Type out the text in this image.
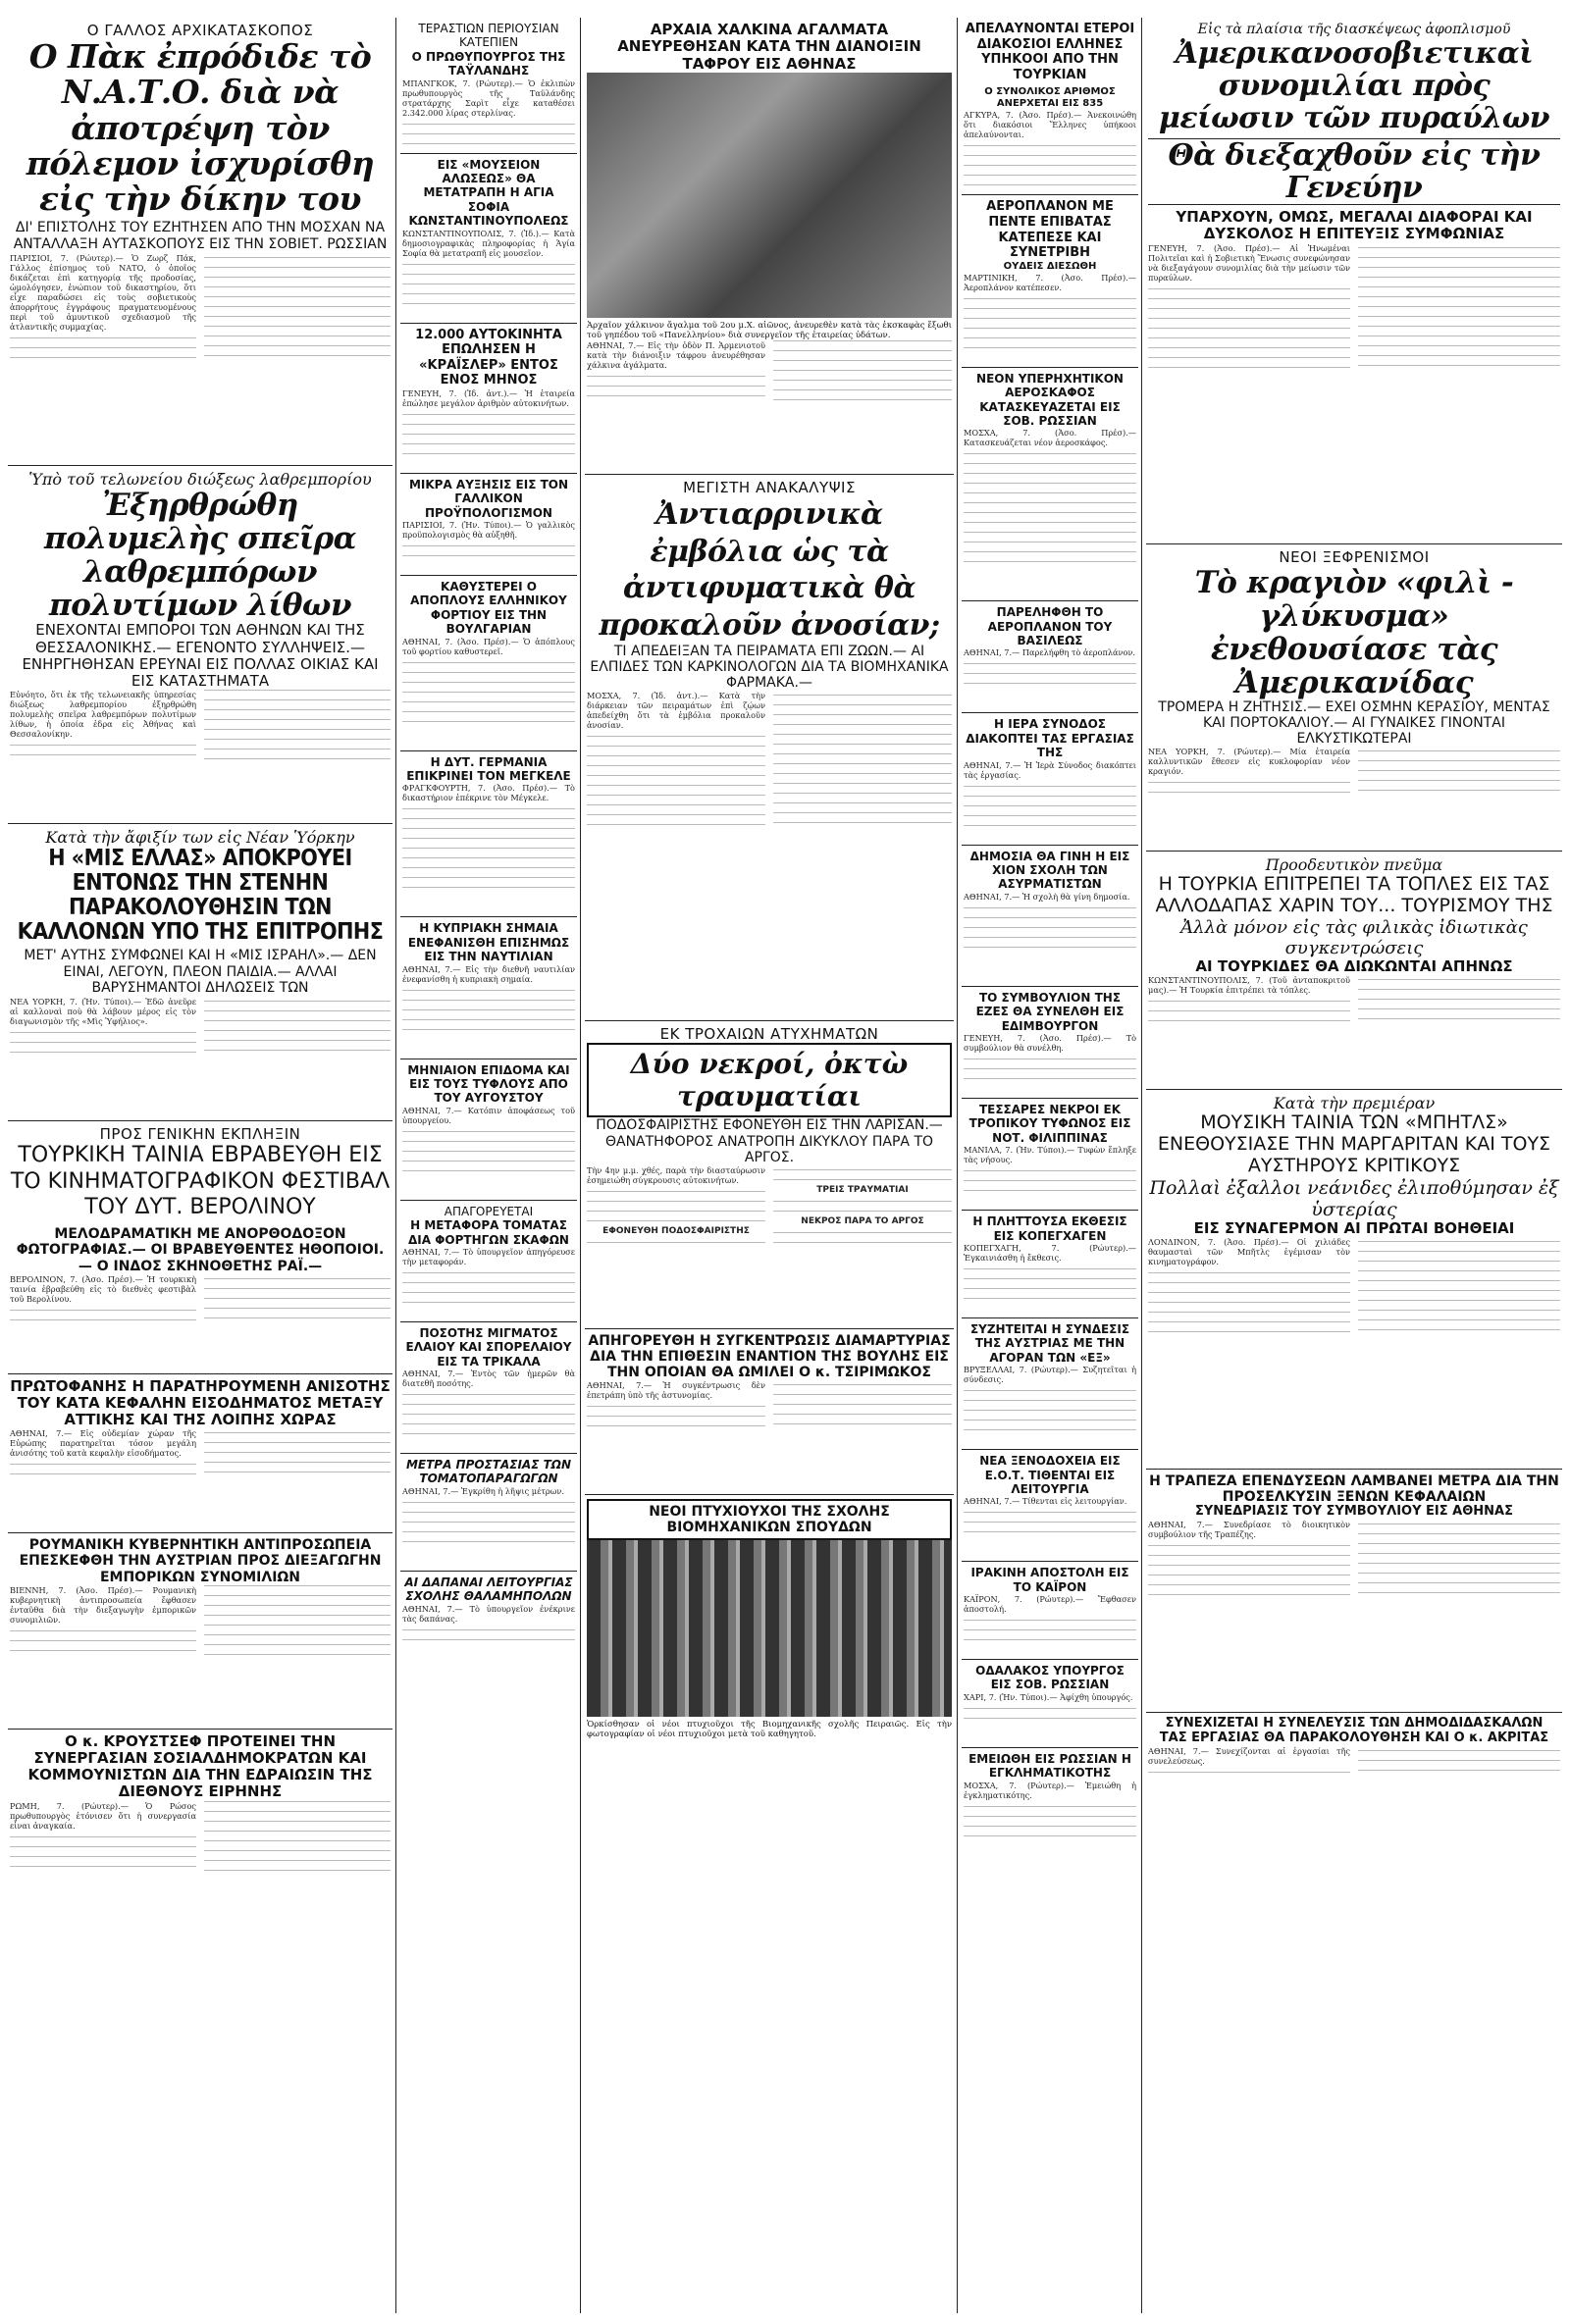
Ο ΓΑΛΛΟΣ ΑΡΧΙΚΑΤΑΣΚΟΠΟΣ
Ο Πὰκ ἐπρόδιδε τὸ Ν.Α.Τ.Ο. διὰ νὰ ἀποτρέψη τὸν πόλεμον ἰσχυρίσθη εἰς τὴν δίκην του
ΔΙ' ΕΠΙΣΤΟΛΗΣ ΤΟΥ ΕΖΗΤΗΣΕΝ ΑΠΟ ΤΗΝ ΜΟΣΧΑΝ ΝΑ ΑΝΤΑΛΛΑΞΗ ΑΥΤΑΣΚΟΠΟΥΣ ΕΙΣ ΤΗΝ ΣΟΒΙΕΤ. ΡΩΣΣΙΑΝ

ΠΑΡΙΣΙΟΙ, 7. (Ρώυτερ).— Ὁ Ζωρζ Πάκ, Γάλλος ἐπίσημος τοῦ ΝΑΤΟ, ὁ ὁποῖος δικάζεται ἐπὶ κατηγορίᾳ τῆς προδοσίας, ὡμολόγησεν, ἐνώπιον τοῦ δικαστηρίου, ὅτι εἶχε παραδώσει εἰς τοὺς σοβιετικοὺς ἀπορρήτους ἐγγράφους πραγματευομένους περὶ τοῦ ἀμυντικοῦ σχεδιασμοῦ τῆς ἀτλαντικῆς συμμαχίας.

Ὑπὸ τοῦ τελωνείου διώξεως λαθρεμπορίου
Ἐξηρθρώθη πολυμελὴς σπεῖρα λαθρεμπόρων πολυτίμων λίθων
ΕΝΕΧΟΝΤΑΙ ΕΜΠΟΡΟΙ ΤΩΝ ΑΘΗΝΩΝ ΚΑΙ ΤΗΣ ΘΕΣΣΑΛΟΝΙΚΗΣ.— ΕΓΕΝΟΝΤΟ ΣΥΛΛΗΨΕΙΣ.— ΕΝΗΡΓΗΘΗΣΑΝ ΕΡΕΥΝΑΙ ΕΙΣ ΠΟΛΛΑΣ ΟΙΚΙΑΣ ΚΑΙ ΕΙΣ ΚΑΤΑΣΤΗΜΑΤΑ

Εὐνόητο, ὅτι ἐκ τῆς τελωνειακῆς ὑπηρεσίας διώξεως λαθρεμπορίου ἐξηρθρώθη πολυμελὴς σπεῖρα λαθρεμπόρων πολυτίμων λίθων, ἡ ὁποία ἐδρα εἰς Ἀθήνας καὶ Θεσσαλονίκην.

Κατὰ τὴν ἄφιξίν των εἰς Νέαν Ὑόρκην
Η «ΜΙΣ ΕΛΛΑΣ» ΑΠΟΚΡΟΥΕΙ ΕΝΤΟΝΩΣ ΤΗΝ ΣΤΕΝΗΝ ΠΑΡΑΚΟΛΟΥΘΗΣΙΝ ΤΩΝ ΚΑΛΛΟΝΩΝ ΥΠΟ ΤΗΣ ΕΠΙΤΡΟΠΗΣ
ΜΕΤ' ΑΥΤΗΣ ΣΥΜΦΩΝΕΙ ΚΑΙ Η «ΜΙΣ ΙΣΡΑΗΛ».— ΔΕΝ ΕΙΝΑΙ, ΛΕΓΟΥΝ, ΠΛΕΟΝ ΠΑΙΔΙΑ.— ΑΛΛΑΙ ΒΑΡΥΣΗΜΑΝΤΟΙ ΔΗΛΩΣΕΙΣ ΤΩΝ

ΝΕΑ ΥΟΡΚΗ, 7. (Ἡν. Τύποι).— Ἐδῶ ἀνεῦρε αἱ καλλοναὶ ποὺ θὰ λάβουν μέρος εἰς τὸν διαγωνισμὸν τῆς «Μὶς Ὑφήλιος».

ΠΡΟΣ ΓΕΝΙΚΗΝ ΕΚΠΛΗΞΙΝ
ΤΟΥΡΚΙΚΗ ΤΑΙΝΙΑ ΕΒΡΑΒΕΥΘΗ ΕΙΣ ΤΟ ΚΙΝΗΜΑΤΟΓΡΑΦΙΚΟΝ ΦΕΣΤΙΒΑΛ ΤΟΥ ΔΥΤ. ΒΕΡΟΛΙΝΟΥ
ΜΕΛΟΔΡΑΜΑΤΙΚΗ ΜΕ ΑΝΟΡΘΟΔΟΞΟΝ ΦΩΤΟΓΡΑΦΙΑΣ.— ΟΙ ΒΡΑΒΕΥΘΕΝΤΕΣ ΗΘΟΠΟΙΟΙ.— Ο ΙΝΔΟΣ ΣΚΗΝΟΘΕΤΗΣ ΡΑΪ.—

ΒΕΡΟΛΙΝΟΝ, 7. (Ἀσο. Πρέσ).— Ἡ τουρκικὴ ταινία ἐβραβεύθη εἰς τὸ διεθνὲς φεστιβὰλ τοῦ Βερολίνου.

ΠΡΩΤΟΦΑΝΗΣ Η ΠΑΡΑΤΗΡΟΥΜΕΝΗ ΑΝΙΣΟΤΗΣ ΤΟΥ ΚΑΤΑ ΚΕΦΑΛΗΝ ΕΙΣΟΔΗΜΑΤΟΣ ΜΕΤΑΞΥ ΑΤΤΙΚΗΣ ΚΑΙ ΤΗΣ ΛΟΙΠΗΣ ΧΩΡΑΣ

ΑΘΗΝΑΙ, 7.— Εἰς οὐδεμίαν χώραν τῆς Εὐρώπης παρατηρεῖται τόσον μεγάλη ἀνισότης τοῦ κατὰ κεφαλὴν εἰσοδήματος.

ΡΟΥΜΑΝΙΚΗ ΚΥΒΕΡΝΗΤΙΚΗ ΑΝΤΙΠΡΟΣΩΠΕΙΑ ΕΠΕΣΚΕΦΘΗ ΤΗΝ ΑΥΣΤΡΙΑΝ ΠΡΟΣ ΔΙΕΞΑΓΩΓΗΝ ΕΜΠΟΡΙΚΩΝ ΣΥΝΟΜΙΛΙΩΝ

ΒΙΕΝΝΗ, 7. (Ἀσο. Πρέσ).— Ρουμανικὴ κυβερνητικὴ ἀντιπροσωπεία ἔφθασεν ἐνταῦθα διὰ τὴν διεξαγωγὴν ἐμπορικῶν συνομιλιῶν.

Ο κ. ΚΡΟΥΣΤΣΕΦ ΠΡΟΤΕΙΝΕΙ ΤΗΝ ΣΥΝΕΡΓΑΣΙΑΝ ΣΟΣΙΑΛΔΗΜΟΚΡΑΤΩΝ ΚΑΙ ΚΟΜΜΟΥΝΙΣΤΩΝ ΔΙΑ ΤΗΝ ΕΔΡΑΙΩΣΙΝ ΤΗΣ ΔΙΕΘΝΟΥΣ ΕΙΡΗΝΗΣ

ΡΩΜΗ, 7. (Ρώυτερ).— Ὁ Ρώσος πρωθυπουργὸς ἐτόνισεν ὅτι ἡ συνεργασία εἶναι ἀναγκαία.

ΤΕΡΑΣΤΙΩΝ ΠΕΡΙΟΥΣΙΑΝ ΚΑΤΕΠΙΕΝ
Ο ΠΡΩΘΥΠΟΥΡΓΟΣ ΤΗΣ ΤΑΫΛΑΝΔΗΣ

ΜΠΑΝΓΚΟΚ, 7. (Ρώυτερ).— Ὁ ἐκλιπὼν πρωθυπουργὸς τῆς Ταϋλάνδης στρατάρχης Σαρὶτ εἶχε καταθέσει 2.342.000 λίρας στερλίνας.

ΕΙΣ «ΜΟΥΣΕΙΟΝ ΑΛΩΣΕΩΣ» ΘΑ ΜΕΤΑΤΡΑΠΗ Η ΑΓΙΑ ΣΟΦΙΑ ΚΩΝΣΤΑΝΤΙΝΟΥΠΟΛΕΩΣ

ΚΩΝΣΤΑΝΤΙΝΟΥΠΟΛΙΣ, 7. (Ἰδ.).— Κατὰ δημοσιογραφικὰς πληροφορίας ἡ Ἁγία Σοφία θὰ μετατραπῆ εἰς μουσεῖον.

12.000 ΑΥΤΟΚΙΝΗΤΑ ΕΠΩΛΗΣΕΝ Η «ΚΡΑΪΣΛΕΡ» ΕΝΤΟΣ ΕΝΟΣ ΜΗΝΟΣ

ΓΕΝΕΥΗ, 7. (Ἰδ. ἀντ.).— Ἡ ἑταιρεία ἐπώλησε μεγάλον ἀριθμὸν αὐτοκινήτων.

ΜΙΚΡΑ ΑΥΞΗΣΙΣ ΕΙΣ ΤΟΝ ΓΑΛΛΙΚΟΝ ΠΡΟΫΠΟΛΟΓΙΣΜΟΝ

ΠΑΡΙΣΙΟΙ, 7. (Ἡν. Τύποι).— Ὁ γαλλικὸς προϋπολογισμὸς θὰ αὐξηθῆ.

ΚΑΘΥΣΤΕΡΕΙ Ο ΑΠΟΠΛΟΥΣ ΕΛΛΗΝΙΚΟΥ ΦΟΡΤΙΟΥ ΕΙΣ ΤΗΝ ΒΟΥΛΓΑΡΙΑΝ

ΑΘΗΝΑΙ, 7. (Ἀσο. Πρέσ).— Ὁ ἀπόπλους τοῦ φορτίου καθυστερεῖ.

Η ΔΥΤ. ΓΕΡΜΑΝΙΑ ΕΠΙΚΡΙΝΕΙ ΤΟΝ ΜΕΓΚΕΛΕ

ΦΡΑΓΚΦΟΥΡΤΗ, 7. (Ἀσο. Πρέσ).— Τὸ δικαστήριον ἐπέκρινε τὸν Μέγκελε.

Η ΚΥΠΡΙΑΚΗ ΣΗΜΑΙΑ ΕΝΕΦΑΝΙΣΘΗ ΕΠΙΣΗΜΩΣ ΕΙΣ ΤΗΝ ΝΑΥΤΙΛΙΑΝ

ΑΘΗΝΑΙ, 7.— Εἰς τὴν διεθνῆ ναυτιλίαν ἐνεφανίσθη ἡ κυπριακὴ σημαία.

ΜΗΝΙΑΙΟΝ ΕΠΙΔΟΜΑ ΚΑΙ ΕΙΣ ΤΟΥΣ ΤΥΦΛΟΥΣ ΑΠΟ ΤΟΥ ΑΥΓΟΥΣΤΟΥ

ΑΘΗΝΑΙ, 7.— Κατόπιν ἀποφάσεως τοῦ ὑπουργείου.

ΑΠΑΓΟΡΕΥΕΤΑΙ
Η ΜΕΤΑΦΟΡΑ ΤΟΜΑΤΑΣ ΔΙΑ ΦΟΡΤΗΓΩΝ ΣΚΑΦΩΝ

ΑΘΗΝΑΙ, 7.— Τὸ ὑπουργεῖον ἀπηγόρευσε τὴν μεταφοράν.

ΠΟΣΟΤΗΣ ΜΙΓΜΑΤΟΣ ΕΛΑΙΟΥ ΚΑΙ ΣΠΟΡΕΛΑΙΟΥ ΕΙΣ ΤΑ ΤΡΙΚΑΛΑ

ΑΘΗΝΑΙ, 7.— Ἐντὸς τῶν ἡμερῶν θὰ διατεθῆ ποσότης.

ΜΕΤΡΑ ΠΡΟΣΤΑΣΙΑΣ ΤΩΝ ΤΟΜΑΤΟΠΑΡΑΓΩΓΩΝ

ΑΘΗΝΑΙ, 7.— Ἐγκρίθη ἡ λῆψις μέτρων.

ΑΙ ΔΑΠΑΝΑΙ ΛΕΙΤΟΥΡΓΙΑΣ ΣΧΟΛΗΣ ΘΑΛΑΜΗΠΟΛΩΝ

ΑΘΗΝΑΙ, 7.— Τὸ ὑπουργεῖον ἐνέκρινε τὰς δαπάνας.

ΑΡΧΑΙΑ ΧΑΛΚΙΝΑ ΑΓΑΛΜΑΤΑ ΑΝΕΥΡΕΘΗΣΑΝ ΚΑΤΑ ΤΗΝ ΔΙΑΝΟΙΞΙΝ ΤΑΦΡΟΥ ΕΙΣ ΑΘΗΝΑΣ
Ἀρχαῖον χάλκινον ἄγαλμα τοῦ 2ου μ.Χ. αἰῶνος, ἀνευρεθὲν κατὰ τὰς ἐκσκαφὰς ἔξωθι τοῦ γηπέδου τοῦ «Πανελληνίου» διὰ συνεργεῖον τῆς ἑταιρείας ὑδάτων.

ΑΘΗΝΑΙ, 7.— Εἰς τὴν ὁδὸν Π. Ἀρμενιοτοῦ κατὰ τὴν διάνοιξιν τάφρου ἀνευρέθησαν χάλκινα ἀγάλματα.

ΜΕΓΙΣΤΗ ΑΝΑΚΑΛΥΨΙΣ
Ἀντιαρρινικὰ ἐμβόλια ὡς τὰ ἀντιφυματικὰ θὰ προκαλοῦν ἀνοσίαν;
ΤΙ ΑΠΕΔΕΙΞΑΝ ΤΑ ΠΕΙΡΑΜΑΤΑ ΕΠΙ ΖΩΩΝ.— ΑΙ ΕΛΠΙΔΕΣ ΤΩΝ ΚΑΡΚΙΝΟΛΟΓΩΝ ΔΙΑ ΤΑ ΒΙΟΜΗΧΑΝΙΚΑ ΦΑΡΜΑΚΑ.—

ΜΟΣΧΑ, 7. (Ἰδ. ἀντ.).— Κατὰ τὴν διάρκειαν τῶν πειραμάτων ἐπὶ ζῴων ἀπεδείχθη ὅτι τὰ ἐμβόλια προκαλοῦν ἀνοσίαν.

ΕΚ ΤΡΟΧΑΙΩΝ ΑΤΥΧΗΜΑΤΩΝ
Δύο νεκροί, ὀκτὼ τραυματίαι
ΠΟΔΟΣΦΑΙΡΙΣΤΗΣ ΕΦΟΝΕΥΘΗ ΕΙΣ ΤΗΝ ΛΑΡΙΣΑΝ.— ΘΑΝΑΤΗΦΟΡΟΣ ΑΝΑΤΡΟΠΗ ΔΙΚΥΚΛΟΥ ΠΑΡΑ ΤΟ ΑΡΓΟΣ.

Τὴν 4ην μ.μ. χθές, παρὰ τὴν διασταύρωσιν ἐσημειώθη σύγκρουσις αὐτοκινήτων.

ΕΦΟΝΕΥΘΗ ΠΟΔΟΣΦΑΙΡΙΣΤΗΣ
ΤΡΕΙΣ ΤΡΑΥΜΑΤΙΑΙ
ΝΕΚΡΟΣ ΠΑΡΑ ΤΟ ΑΡΓΟΣ
ΑΠΗΓΟΡΕΥΘΗ Η ΣΥΓΚΕΝΤΡΩΣΙΣ ΔΙΑΜΑΡΤΥΡΙΑΣ ΔΙΑ ΤΗΝ ΕΠΙΘΕΣΙΝ ΕΝΑΝΤΙΟΝ ΤΗΣ ΒΟΥΛΗΣ ΕΙΣ ΤΗΝ ΟΠΟΙΑΝ ΘΑ ΩΜΙΛΕΙ Ο κ. ΤΣΙΡΙΜΩΚΟΣ

ΑΘΗΝΑΙ, 7.— Ἡ συγκέντρωσις δὲν ἐπετράπη ὑπὸ τῆς ἀστυνομίας.

ΝΕΟΙ ΠΤΥΧΙΟΥΧΟΙ ΤΗΣ ΣΧΟΛΗΣ ΒΙΟΜΗΧΑΝΙΚΩΝ ΣΠΟΥΔΩΝ
Ὁρκίσθησαν οἱ νέοι πτυχιοῦχοι τῆς Βιομηχανικῆς σχολῆς Πειραιῶς. Εἰς τὴν φωτογραφίαν οἱ νέοι πτυχιοῦχοι μετὰ τοῦ καθηγητοῦ.
ΑΠΕΛΑΥΝΟΝΤΑΙ ΕΤΕΡΟΙ ΔΙΑΚΟΣΙΟΙ ΕΛΛΗΝΕΣ ΥΠΗΚΟΟΙ ΑΠΟ ΤΗΝ ΤΟΥΡΚΙΑΝ
Ο ΣΥΝΟΛΙΚΟΣ ΑΡΙΘΜΟΣ ΑΝΕΡΧΕΤΑΙ ΕΙΣ 835

ΑΓΚΥΡΑ, 7. (Ἀσο. Πρέσ).— Ἀνεκοινώθη ὅτι διακόσιοι Ἕλληνες ὑπήκοοι ἀπελαύνονται.

ΑΕΡΟΠΛΑΝΟΝ ΜΕ ΠΕΝΤΕ ΕΠΙΒΑΤΑΣ ΚΑΤΕΠΕΣΕ ΚΑΙ ΣΥΝΕΤΡΙΒΗ
ΟΥΔΕΙΣ ΔΙΕΣΩΘΗ

ΜΑΡΤΙΝΙΚΗ, 7. (Ἀσο. Πρέσ).— Ἀεροπλάνον κατέπεσεν.

ΝΕΟΝ ΥΠΕΡΗΧΗΤΙΚΟΝ ΑΕΡΟΣΚΑΦΟΣ ΚΑΤΑΣΚΕΥΑΖΕΤΑΙ ΕΙΣ ΣΟΒ. ΡΩΣΣΙΑΝ

ΜΟΣΧΑ, 7. (Ἀσο. Πρέσ).— Κατασκευάζεται νέον ἀεροσκάφος.

ΠΑΡΕΛΗΦΘΗ ΤΟ ΑΕΡΟΠΛΑΝΟΝ ΤΟΥ ΒΑΣΙΛΕΩΣ

ΑΘΗΝΑΙ, 7.— Παρελήφθη τὸ ἀεροπλάνον.

Η ΙΕΡΑ ΣΥΝΟΔΟΣ ΔΙΑΚΟΠΤΕΙ ΤΑΣ ΕΡΓΑΣΙΑΣ ΤΗΣ

ΑΘΗΝΑΙ, 7.— Ἡ Ἱερὰ Σύνοδος διακόπτει τὰς ἐργασίας.

ΔΗΜΟΣΙΑ ΘΑ ΓΙΝΗ Η ΕΙΣ ΧΙΟΝ ΣΧΟΛΗ ΤΩΝ ΑΣΥΡΜΑΤΙΣΤΩΝ

ΑΘΗΝΑΙ, 7.— Ἡ σχολὴ θὰ γίνη δημοσία.

ΤΟ ΣΥΜΒΟΥΛΙΟΝ ΤΗΣ ΕΖΕΣ ΘΑ ΣΥΝΕΛΘΗ ΕΙΣ ΕΔΙΜΒΟΥΡΓΟΝ

ΓΕΝΕΥΗ, 7. (Ἀσο. Πρέσ).— Τὸ συμβούλιον θὰ συνέλθη.

ΤΕΣΣΑΡΕΣ ΝΕΚΡΟΙ ΕΚ ΤΡΟΠΙΚΟΥ ΤΥΦΩΝΟΣ ΕΙΣ ΝΟΤ. ΦΙΛΙΠΠΙΝΑΣ

ΜΑΝΙΛΑ, 7. (Ἡν. Τύποι).— Τυφὼν ἔπληξε τὰς νήσους.

Η ΠΛΗΤΤΟΥΣΑ ΕΚΘΕΣΙΣ ΕΙΣ ΚΟΠΕΓΧΑΓΕΝ

ΚΟΠΕΓΧΑΓΗ, 7. (Ρώυτερ).— Ἐγκαινιάσθη ἡ ἔκθεσις.

ΣΥΖΗΤΕΙΤΑΙ Η ΣΥΝΔΕΣΙΣ ΤΗΣ ΑΥΣΤΡΙΑΣ ΜΕ ΤΗΝ ΑΓΟΡΑΝ ΤΩΝ «ΕΞ»

ΒΡΥΞΕΛΛΑΙ, 7. (Ρώυτερ).— Συζητεῖται ἡ σύνδεσις.

ΝΕΑ ΞΕΝΟΔΟΧΕΙΑ ΕΙΣ Ε.Ο.Τ. ΤΙΘΕΝΤΑΙ ΕΙΣ ΛΕΙΤΟΥΡΓΙΑ

ΑΘΗΝΑΙ, 7.— Τίθενται εἰς λειτουργίαν.

ΙΡΑΚΙΝΗ ΑΠΟΣΤΟΛΗ ΕΙΣ ΤΟ ΚΑΪΡΟΝ

ΚΑΪΡΟΝ, 7. (Ρώυτερ).— Ἔφθασεν ἀποστολή.

ΟΔΑΛΑΚΟΣ ΥΠΟΥΡΓΟΣ ΕΙΣ ΣΟΒ. ΡΩΣΣΙΑΝ

ΧΑΡΙ, 7. (Ἡν. Τύποι).— Ἀφίχθη ὑπουργός.

ΕΜΕΙΩΘΗ ΕΙΣ ΡΩΣΣΙΑΝ Η ΕΓΚΛΗΜΑΤΙΚΟΤΗΣ

ΜΟΣΧΑ, 7. (Ρώυτερ).— Ἐμειώθη ἡ ἐγκληματικότης.

Εἰς τὰ πλαίσια τῆς διασκέψεως ἀφοπλισμοῦ
Ἀμερικανοσοβιετικαὶ συνομιλίαι πρὸς μείωσιν τῶν πυραύλων
Θὰ διεξαχθοῦν εἰς τὴν Γενεύην
ΥΠΑΡΧΟΥΝ, ΟΜΩΣ, ΜΕΓΑΛΑΙ ΔΙΑΦΟΡΑΙ ΚΑΙ ΔΥΣΚΟΛΟΣ Η ΕΠΙΤΕΥΞΙΣ ΣΥΜΦΩΝΙΑΣ

ΓΕΝΕΥΗ, 7. (Ἀσο. Πρέσ).— Αἱ Ἡνωμέναι Πολιτεῖαι καὶ ἡ Σοβιετικὴ Ἕνωσις συνεφώνησαν νὰ διεξαγάγουν συνομιλίας διὰ τὴν μείωσιν τῶν πυραύλων.

ΝΕΟΙ ΞΕΦΡΕΝΙΣΜΟΙ
Τὸ κραγιὸν «φιλὶ - γλύκυσμα» ἐνεθουσίασε τὰς Ἀμερικανίδας
ΤΡΟΜΕΡΑ Η ΖΗΤΗΣΙΣ.— ΕΧΕΙ ΟΣΜΗΝ ΚΕΡΑΣΙΟΥ, ΜΕΝΤΑΣ ΚΑΙ ΠΟΡΤΟΚΑΛΙΟΥ.— ΑΙ ΓΥΝΑΙΚΕΣ ΓΙΝΟΝΤΑΙ ΕΛΚΥΣΤΙΚΩΤΕΡΑΙ

ΝΕΑ ΥΟΡΚΗ, 7. (Ρώυτερ).— Μία ἑταιρεία καλλυντικῶν ἔθεσεν εἰς κυκλοφορίαν νέον κραγιόν.

Προοδευτικὸν πνεῦμα
Η ΤΟΥΡΚΙΑ ΕΠΙΤΡΕΠΕΙ ΤΑ ΤΟΠΛΕΣ ΕΙΣ ΤΑΣ ΑΛΛΟΔΑΠΑΣ ΧΑΡΙΝ ΤΟΥ... ΤΟΥΡΙΣΜΟΥ ΤΗΣ
Ἀλλὰ μόνον εἰς τὰς φιλικὰς ἰδιωτικὰς συγκεντρώσεις
ΑΙ ΤΟΥΡΚΙΔΕΣ ΘΑ ΔΙΩΚΩΝΤΑΙ ΑΠΗΝΩΣ

ΚΩΝΣΤΑΝΤΙΝΟΥΠΟΛΙΣ, 7. (Τοῦ ἀνταποκριτοῦ μας).— Ἡ Τουρκία ἐπιτρέπει τὰ τόπλες.

Κατὰ τὴν πρεμιέραν
ΜΟΥΣΙΚΗ ΤΑΙΝΙΑ ΤΩΝ «ΜΠΗΤΛΣ» ΕΝΕΘΟΥΣΙΑΣΕ ΤΗΝ ΜΑΡΓΑΡΙΤΑΝ ΚΑΙ ΤΟΥΣ ΑΥΣΤΗΡΟΥΣ ΚΡΙΤΙΚΟΥΣ
Πολλαὶ ἐξαλλοι νεάνιδες ἐλιποθύμησαν ἐξ ὑστερίας
ΕΙΣ ΣΥΝΑΓΕΡΜΟΝ ΑΙ ΠΡΩΤΑΙ ΒΟΗΘΕΙΑΙ

ΛΟΝΔΙΝΟΝ, 7. (Ἀσο. Πρέσ).— Οἱ χιλιάδες θαυμασταὶ τῶν Μπῆτλς ἐγέμισαν τὸν κινηματογράφον.

Η ΤΡΑΠΕΖΑ ΕΠΕΝΔΥΣΕΩΝ ΛΑΜΒΑΝΕΙ ΜΕΤΡΑ ΔΙΑ ΤΗΝ ΠΡΟΣΕΛΚΥΣΙΝ ΞΕΝΩΝ ΚΕΦΑΛΑΙΩΝ
ΣΥΝΕΔΡΙΑΣΙΣ ΤΟΥ ΣΥΜΒΟΥΛΙΟΥ ΕΙΣ ΑΘΗΝΑΣ

ΑΘΗΝΑΙ, 7.— Συνεδρίασε τὸ διοικητικὸν συμβούλιον τῆς Τραπέζης.

ΣΥΝΕΧΙΖΕΤΑΙ Η ΣΥΝΕΛΕΥΣΙΣ ΤΩΝ ΔΗΜΟΔΙΔΑΣΚΑΛΩΝ
ΤΑΣ ΕΡΓΑΣΙΑΣ ΘΑ ΠΑΡΑΚΟΛΟΥΘΗΣΗ ΚΑΙ Ο κ. ΑΚΡΙΤΑΣ

ΑΘΗΝΑΙ, 7.— Συνεχίζονται αἱ ἐργασίαι τῆς συνελεύσεως.
